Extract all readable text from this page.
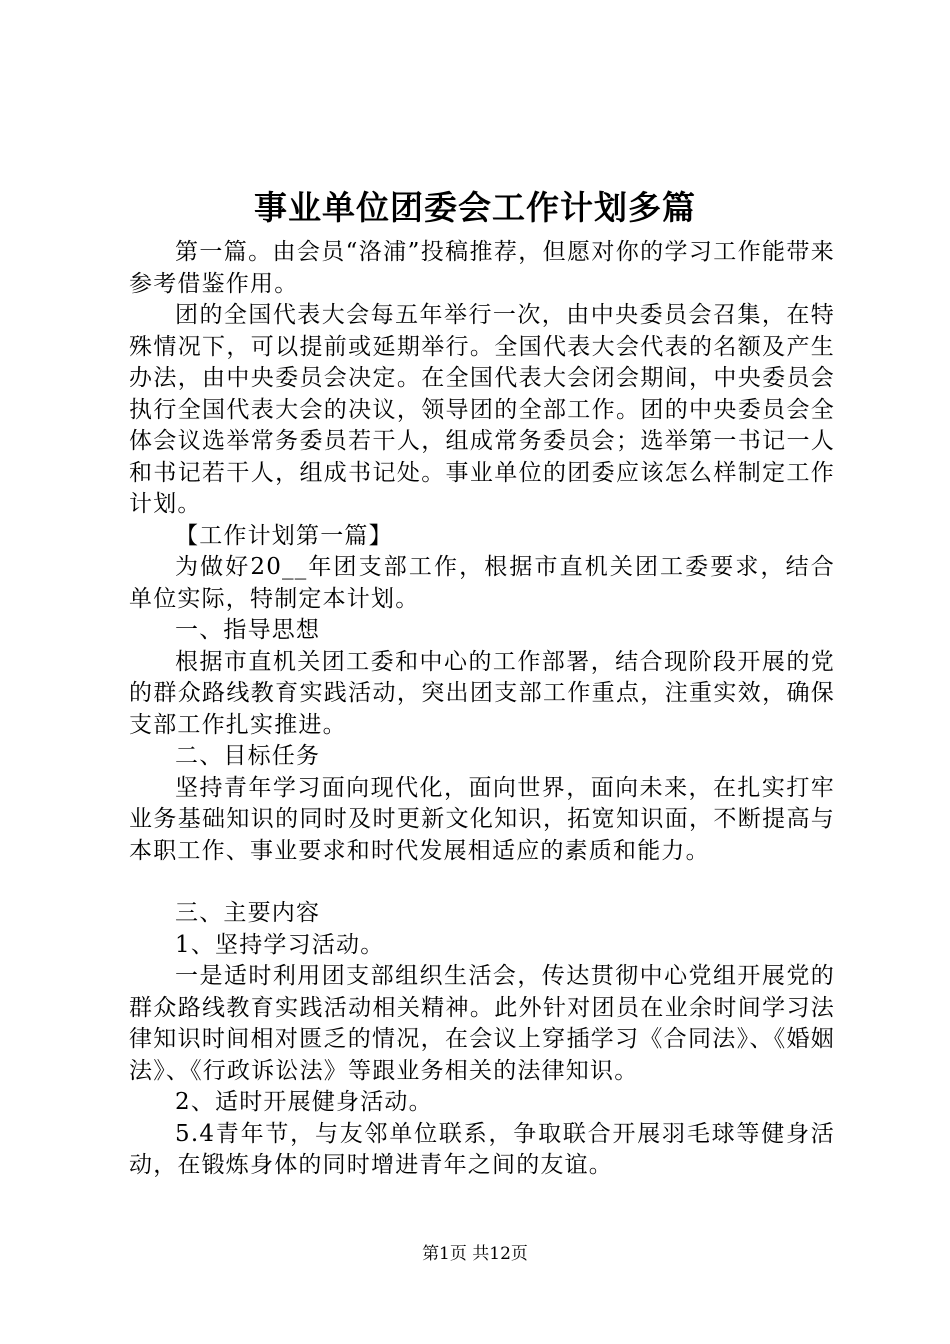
事业单位团委会工作计划多篇

第一篇。由会员“洛浦”投稿推荐，但愿对你的学习工作能带来参考借鉴作用。

团的全国代表大会每五年举行一次，由中央委员会召集，在特殊情况下，可以提前或延期举行。全国代表大会代表的名额及产生办法，由中央委员会决定。在全国代表大会闭会期间，中央委员会执行全国代表大会的决议，领导团的全部工作。团的中央委员会全体会议选举常务委员若干人，组成常务委员会；选举第一书记一人和书记若干人，组成书记处。事业单位的团委应该怎么样制定工作计划。

【工作计划第一篇】

为做好20__年团支部工作，根据市直机关团工委要求，结合单位实际，特制定本计划。

一、指导思想

根据市直机关团工委和中心的工作部署，结合现阶段开展的党的群众路线教育实践活动，突出团支部工作重点，注重实效，确保支部工作扎实推进。

二、目标任务

坚持青年学习面向现代化，面向世界，面向未来，在扎实打牢业务基础知识的同时及时更新文化知识，拓宽知识面，不断提高与本职工作、事业要求和时代发展相适应的素质和能力。

三、主要内容

1、坚持学习活动。

一是适时利用团支部组织生活会，传达贯彻中心党组开展党的群众路线教育实践活动相关精神。此外针对团员在业余时间学习法律知识时间相对匮乏的情况，在会议上穿插学习《合同法》、《婚姻法》、《行政诉讼法》等跟业务相关的法律知识。

2、适时开展健身活动。

5.4青年节，与友邻单位联系，争取联合开展羽毛球等健身活动，在锻炼身体的同时增进青年之间的友谊。

第1页 共12页
